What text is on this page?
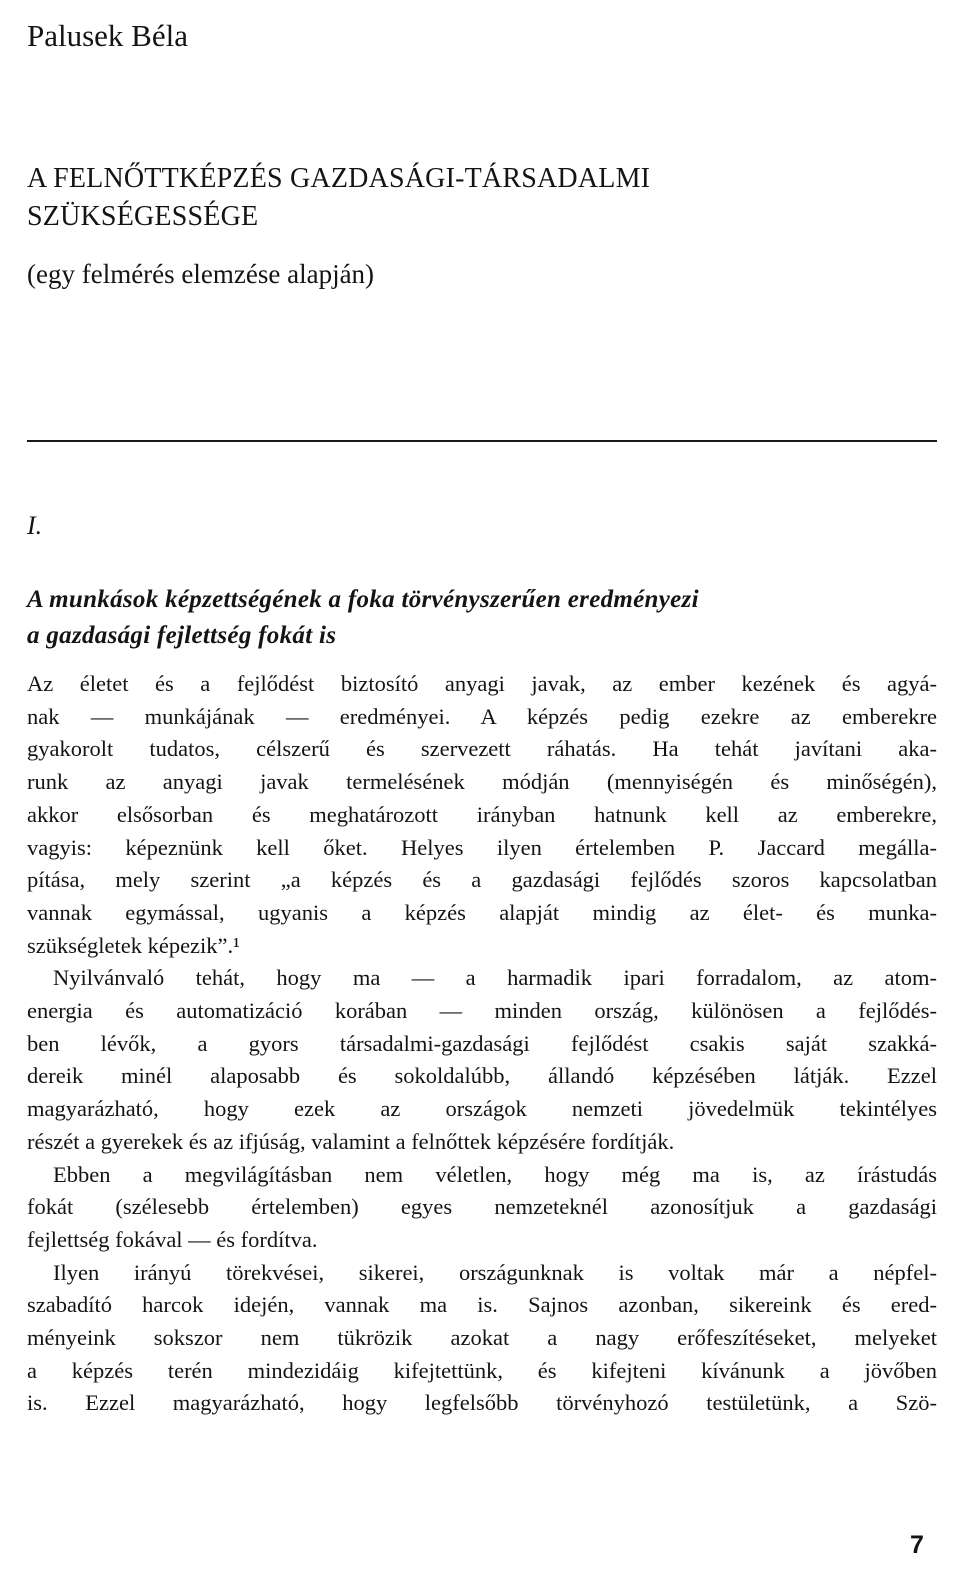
Palusek Béla
A FELNŐTTKÉPZÉS GAZDASÁGI-TÁRSADALMI
SZÜKSÉGESSÉGE

(egy felmérés elemzése alapján)

I.

A munkások képzettségének a foka törvényszerűen eredményezi
a gazdasági fejlettség fokát is

Az életet és a fejlődést biztosító anyagi javak, az ember kezének és agyá-
nak — munkájának — eredményei. A képzés pedig ezekre az emberekre
gyakorolt tudatos, célszerű és szervezett ráhatás. Ha tehát javítani aka-
runk az anyagi javak termelésének módján (mennyiségén és minőségén),
akkor elsősorban és meghatározott irányban hatnunk kell az emberekre,
vagyis: képeznünk kell őket. Helyes ilyen értelemben P. Jaccard megálla-
pítása, mely szerint „a képzés és a gazdasági fejlődés szoros kapcsolatban
vannak egymással, ugyanis a képzés alapját mindig az élet- és munka-
szükségletek képezik”.¹

Nyilvánvaló tehát, hogy ma — a harmadik ipari forradalom, az atom-
energia és automatizáció korában — minden ország, különösen a fejlődés-
ben lévők, a gyors társadalmi-gazdasági fejlődést csakis saját szakká-
dereik minél alaposabb és sokoldalúbb, állandó képzésében látják. Ezzel
magyarázható, hogy ezek az országok nemzeti jövedelmük tekintélyes
részét a gyerekek és az ifjúság, valamint a felnőttek képzésére fordítják.

Ebben a megvilágításban nem véletlen, hogy még ma is, az írástudás
fokát (szélesebb értelemben) egyes nemzeteknél azonosítjuk a gazdasági
fejlettség fokával — és fordítva.

Ilyen irányú törekvései, sikerei, országunknak is voltak már a népfel-
szabadító harcok idején, vannak ma is. Sajnos azonban, sikereink és ered-
ményeink sokszor nem tükrözik azokat a nagy erőfeszítéseket, melyeket
a képzés terén mindezidáig kifejtettünk, és kifejteni kívánunk a jövőben
is. Ezzel magyarázható, hogy legfelsőbb törvényhozó testületünk, a Szö-

7
